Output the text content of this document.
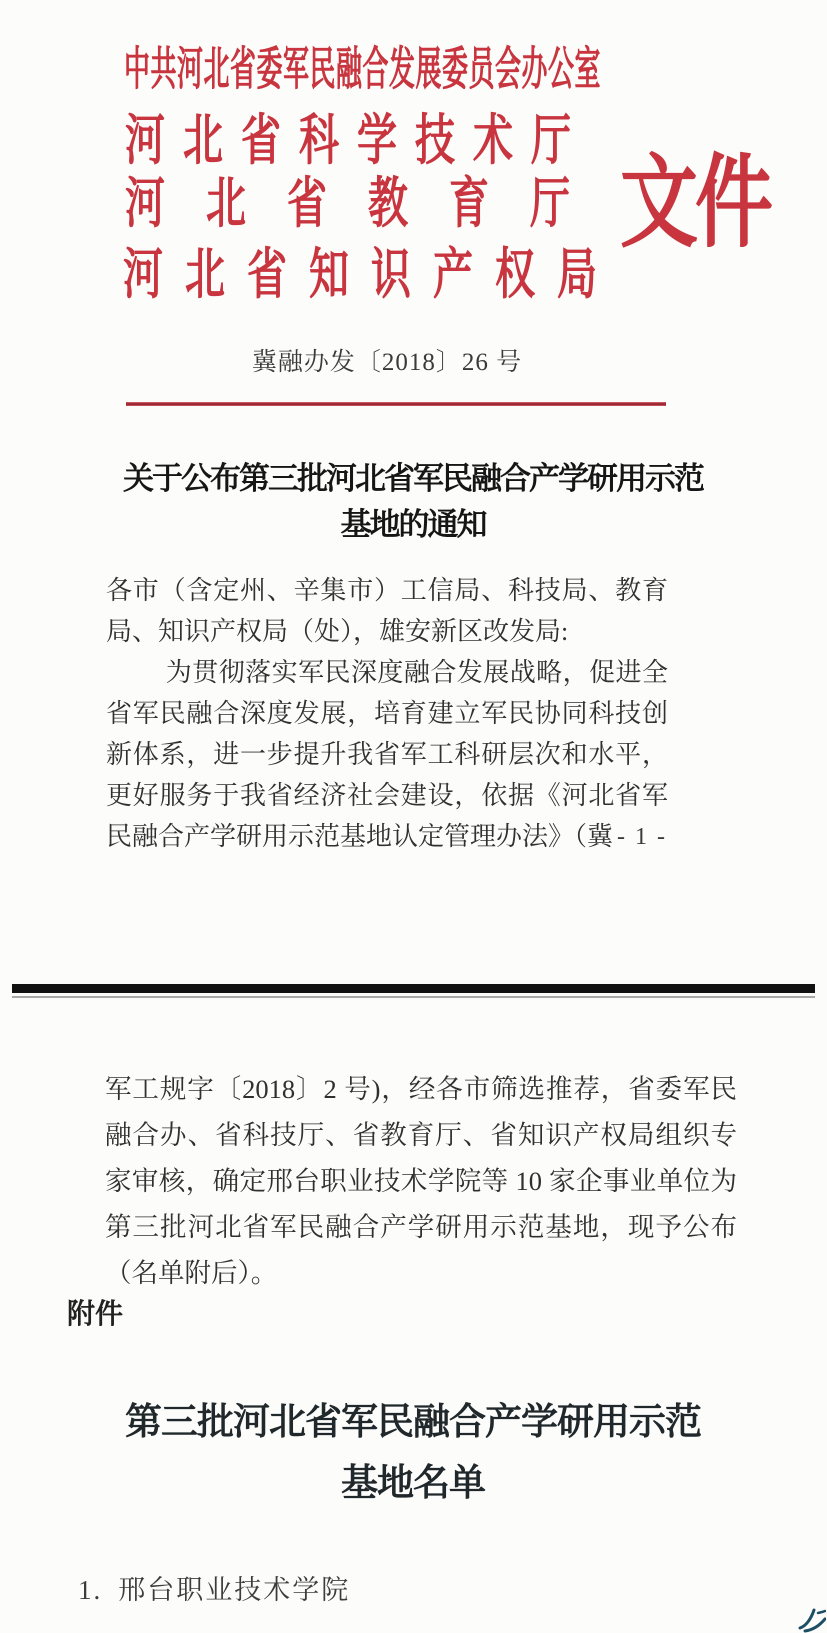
中共河北省委军民融合发展委员会办公室
河北省科学技术厅
河北省教育厅 文件
河北省知识产权局
冀融办发〔2018〕26 号
关于公布第三批河北省军民融合产学研用示范
基地的通知

各市（含定州、辛集市）工信局、科技局、教育局、知识产权局（处），雄安新区改发局:

为贯彻落实军民深度融合发展战略，促进全省军民融合深度发展，培育建立军民协同科技创新体系，进一步提升我省军工科研层次和水平，更好服务于我省经济社会建设，依据《河北省军民融合产学研用示范基地认定管理办法》（冀 - 1 -

军工规字〔2018〕2 号)，经各市筛选推荐，省委军民融合办、省科技厅、省教育厅、省知识产权局组织专家审核，确定邢台职业技术学院等 10 家企事业单位为第三批河北省军民融合产学研用示范基地，现予公布（名单附后）。

附件
第三批河北省军民融合产学研用示范
基地名单
1. 邢台职业技术学院
